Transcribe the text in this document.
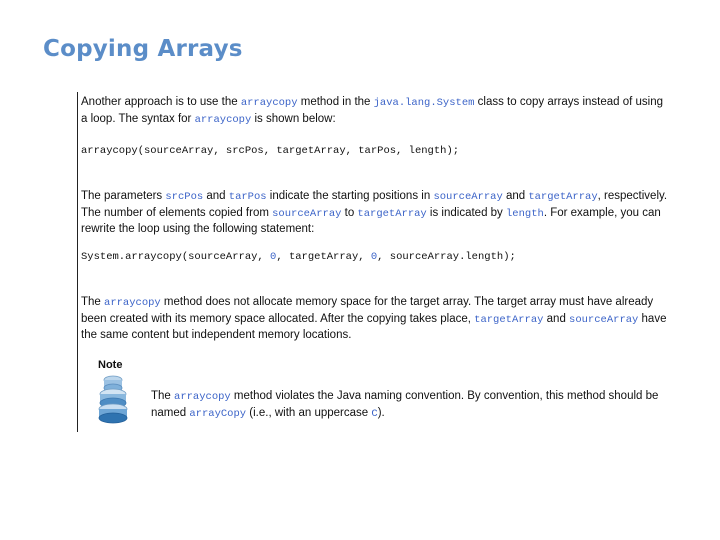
Copying Arrays
Another approach is to use the arraycopy method in the java.lang.System class to copy arrays instead of using a loop. The syntax for arraycopy is shown below:
arraycopy(sourceArray, srcPos, targetArray, tarPos, length);
The parameters srcPos and tarPos indicate the starting positions in sourceArray and targetArray, respectively. The number of elements copied from sourceArray to targetArray is indicated by length. For example, you can rewrite the loop using the following statement:
System.arraycopy(sourceArray, 0, targetArray, 0, sourceArray.length);
The arraycopy method does not allocate memory space for the target array. The target array must have already been created with its memory space allocated. After the copying takes place, targetArray and sourceArray have the same content but independent memory locations.
Note
The arraycopy method violates the Java naming convention. By convention, this method should be named arrayCopy (i.e., with an uppercase C).
